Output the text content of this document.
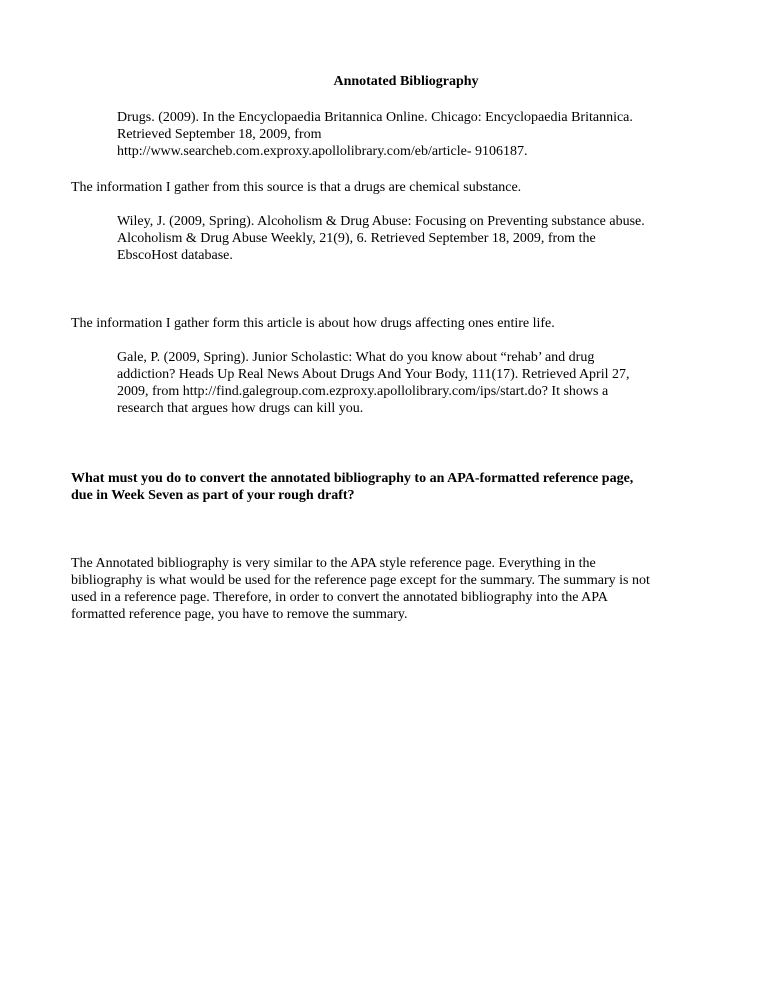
Annotated Bibliography
Drugs. (2009). In the Encyclopaedia Britannica Online. Chicago: Encyclopaedia Britannica.
Retrieved September 18, 2009, from
http://www.searcheb.com.exproxy.apollolibrary.com/eb/article- 9106187.

The information I gather from this source is that a drugs are chemical substance.

Wiley, J. (2009, Spring). Alcoholism & Drug Abuse: Focusing on Preventing substance abuse.
Alcoholism & Drug Abuse Weekly, 21(9), 6. Retrieved September 18, 2009, from the
EbscoHost database.

The information I gather form this article is about how drugs affecting ones entire life.

Gale, P. (2009, Spring). Junior Scholastic: What do you know about “rehab’ and drug
addiction? Heads Up Real News About Drugs And Your Body, 111(17). Retrieved April 27,
2009, from http://find.galegroup.com.ezproxy.apollolibrary.com/ips/start.do? It shows a
research that argues how drugs can kill you.
What must you do to convert the annotated bibliography to an APA-formatted reference page,
due in Week Seven as part of your rough draft?
The Annotated bibliography is very similar to the APA style reference page. Everything in the
bibliography is what would be used for the reference page except for the summary. The summary is not
used in a reference page. Therefore, in order to convert the annotated bibliography into the APA
formatted reference page, you have to remove the summary.
